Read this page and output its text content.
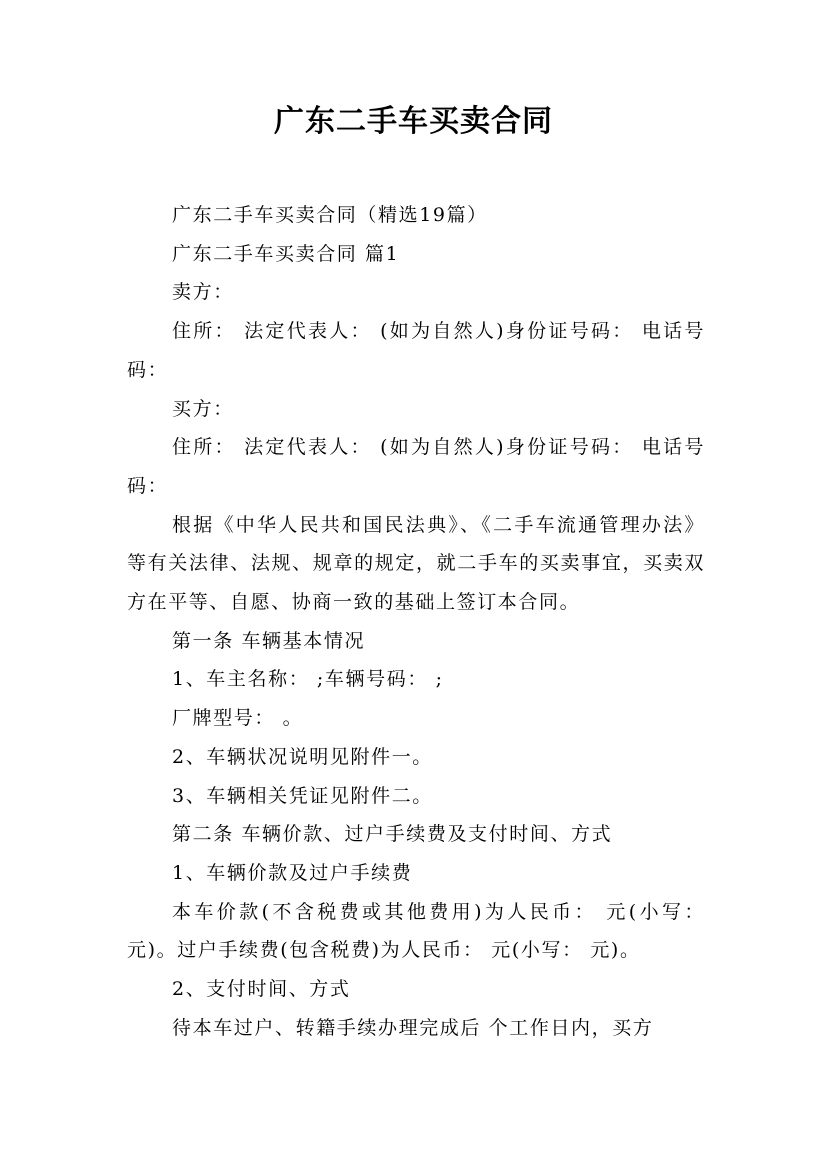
广东二手车买卖合同

广东二手车买卖合同（精选19篇）

广东二手车买卖合同 篇1

卖方：

住所： 法定代表人： (如为自然人)身份证号码： 电话号码：

买方：

住所： 法定代表人： (如为自然人)身份证号码： 电话号码：

根据《中华人民共和国民法典》、《二手车流通管理办法》等有关法律、法规、规章的规定，就二手车的买卖事宜，买卖双方在平等、自愿、协商一致的基础上签订本合同。

第一条 车辆基本情况

1、车主名称： ;车辆号码： ;

厂牌型号： 。

2、车辆状况说明见附件一。

3、车辆相关凭证见附件二。

第二条 车辆价款、过户手续费及支付时间、方式

1、车辆价款及过户手续费

本车价款(不含税费或其他费用)为人民币： 元(小写： 元)。过户手续费(包含税费)为人民币： 元(小写： 元)。

2、支付时间、方式

待本车过户、转籍手续办理完成后 个工作日内，买方
